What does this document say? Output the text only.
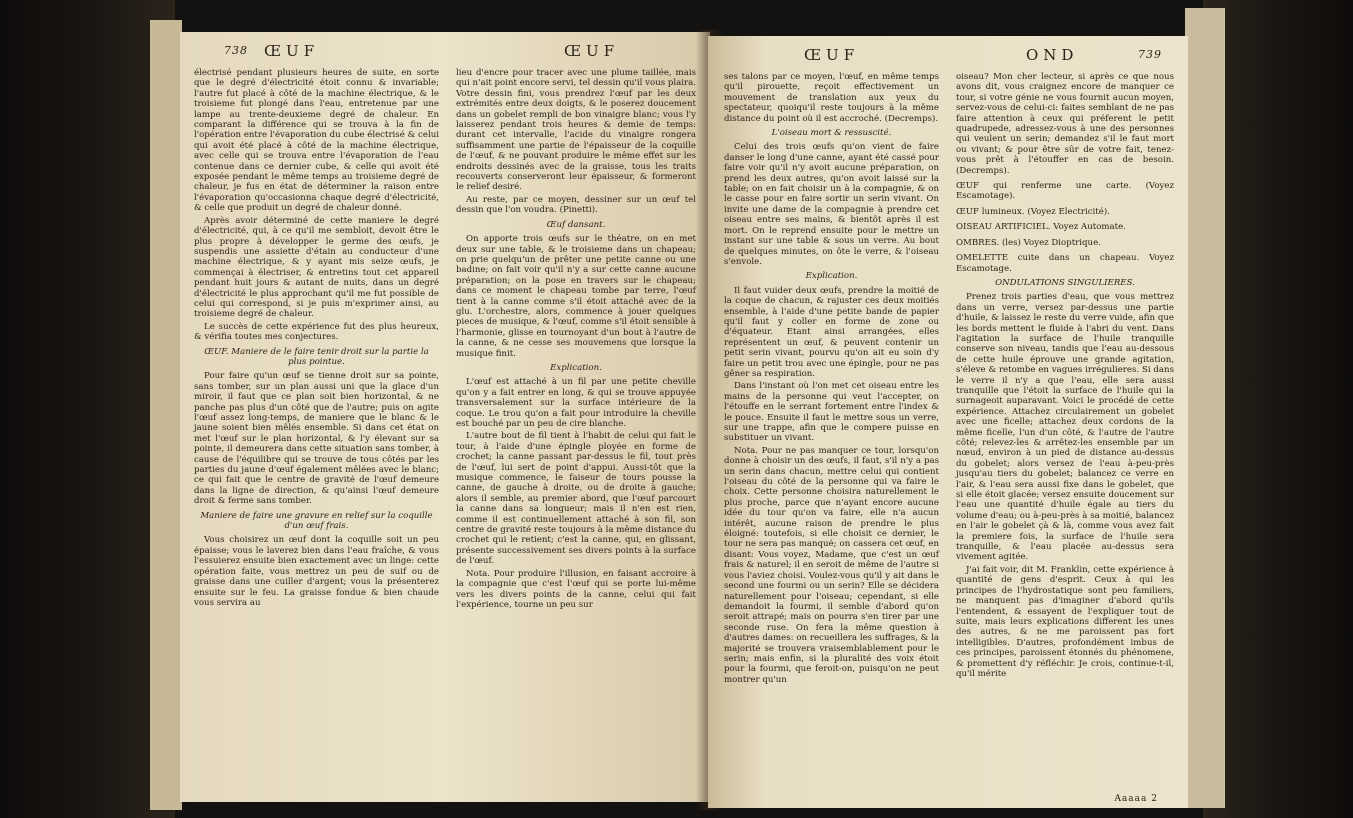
738 ŒUF	ŒUF

électrisé pendant plusieurs heures de suite, en sorte que le degré d'électricité étoit connu & invariable; l'autre fut placé à côté de la machine électrique, & le troisieme fut plongé dans l'eau, entretenue par une lampe au trente-deuxieme degré de chaleur. En comparant la différence qui se trouva à la fin de l'opération entre l'évaporation du cube électrisé & celui qui avoit été placé à côté de la machine électrique, avec celle qui se trouva entre l'évaporation de l'eau contenue dans ce dernier cube, & celle qui avoit été exposée pendant le même temps au troisieme degré de chaleur, je fus en état de déterminer la raison entre l'évaporation qu'occasionna chaque degré d'électricité, & celle que produit un degré de chaleur donné.

Après avoir déterminé de cette maniere le degré d'électricité, qui, à ce qu'il me sembloit, devoit être le plus propre à développer le germe des œufs, je suspendis une assiette d'étain au conducteur d'une machine électrique, & y ayant mis seize œufs, je commençai à électriser, & entretins tout cet appareil pendant huit jours & autant de nuits, dans un degré d'électricité le plus approchant qu'il me fut possible de celui qui correspond, si je puis m'exprimer ainsi, au troisieme degré de chaleur.

Le succès de cette expérience fut des plus heureux, & vérifia toutes mes conjectures.

ŒUF. Maniere de le faire tenir droit sur la partie la plus pointue.

Pour faire qu'un œuf se tienne droit sur sa pointe, sans tomber, sur un plan aussi uni que la glace d'un miroir, il faut que ce plan soit bien horizontal, & ne panche pas plus d'un côté que de l'autre; puis on agite l'œuf assez long-temps, de maniere que le blanc & le jaune soient bien mêlés ensemble. Si dans cet état on met l'œuf sur le plan horizontal, & l'y élevant sur sa pointe, il demeurera dans cette situation sans tomber, à cause de l'équilibre qui se trouve de tous côtés par les parties du jaune d'œuf également mêlées avec le blanc; ce qui fait que le centre de gravité de l'œuf demeure dans la ligne de direction, & qu'ainsi l'œuf demeure droit & ferme sans tomber.

Maniere de faire une gravure en relief sur la coquille d'un œuf frais.

Vous choisirez un œuf dont la coquille soit un peu épaisse; vous le laverez bien dans l'eau fraîche, & vous l'essuierez ensuite bien exactement avec un linge: cette opération faite, vous mettrez un peu de suif ou de graisse dans une cuiller d'argent; vous la présenterez ensuite sur le feu. La graisse fondue & bien chaude vous servira au

lieu d'encre pour tracer avec une plume taillée, mais qui n'ait point encore servi, tel dessin qu'il vous plaira. Votre dessin fini, vous prendrez l'œuf par les deux extrémités entre deux doigts, & le poserez doucement dans un gobelet rempli de bon vinaigre blanc; vous l'y laisserez pendant trois heures & demie de temps: durant cet intervalle, l'acide du vinaigre rongera suffisamment une partie de l'épaisseur de la coquille de l'œuf, & ne pouvant produire le même effet sur les endroits dessinés avec de la graisse, tous les traits recouverts conserveront leur épaisseur, & formeront le relief desiré.

Au reste, par ce moyen, dessiner sur un œuf tel dessin que l'on voudra. (Pinetti).

Œuf dansant.

On apporte trois œufs sur le théatre, on en met deux sur une table, & le troisieme dans un chapeau; on prie quelqu'un de prêter une petite canne ou une badine; on fait voir qu'il n'y a sur cette canne aucune préparation; on la pose en travers sur le chapeau; dans ce moment le chapeau tombe par terre, l'œuf tient à la canne comme s'il étoit attaché avec de la glu. L'orchestre, alors, commence à jouer quelques pieces de musique, & l'œuf, comme s'il étoit sensible à l'harmonie, glisse en tournoyant d'un bout à l'autre de la canne, & ne cesse ses mouvemens que lorsque la musique finit.

Explication.

L'œuf est attaché à un fil par une petite cheville qu'on y a fait entrer en long, & qui se trouve appuyée transversalement sur la surface intérieure de la coque. Le trou qu'on a fait pour introduire la cheville est bouché par un peu de cire blanche.

L'autre bout de fil tient à l'habit de celui qui fait le tour, à l'aide d'une épingle ployée en forme de crochet; la canne passant par-dessus le fil, tout près de l'œuf, lui sert de point d'appui. Aussi-tôt que la musique commence, le faiseur de tours pousse la canne, de gauche à droite, ou de droite à gauche; alors il semble, au premier abord, que l'œuf parcourt la canne dans sa longueur; mais il n'en est rien, comme il est continuellement attaché à son fil, son centre de gravité reste toujours à la même distance du crochet qui le retient; c'est la canne, qui, en glissant, présente successivement ses divers points à la surface de l'œuf.

Nota. Pour produire l'illusion, en faisant accroire à la compagnie que c'est l'œuf qui se porte lui-même vers les divers points de la canne, celui qui fait l'expérience, tourne un peu sur

ŒUF	OND	739

ses talons par ce moyen, l'œuf, en même temps qu'il pirouette, reçoit effectivement un mouvement de translation aux yeux du spectateur, quoiqu'il reste toujours à la même distance du point où il est accroché. (Decremps).

L'oiseau mort & ressuscité.

Celui des trois œufs qu'on vient de faire danser le long d'une canne, ayant été cassé pour faire voir qu'il n'y avoit aucune préparation, on prend les deux autres, qu'on avoit laissé sur la table; on en fait choisir un à la compagnie, & on le casse pour en faire sortir un serin vivant. On invite une dame de la compagnie à prendre cet oiseau entre ses mains, & bientôt après il est mort. On le reprend ensuite pour le mettre un instant sur une table & sous un verre. Au bout de quelques minutes, on ôte le verre, & l'oiseau s'envole.

Explication.

Il faut vuider deux œufs, prendre la moitié de la coque de chacun, & rajuster ces deux moitiés ensemble, à l'aide d'une petite bande de papier qu'il faut y coller en forme de zone ou d'équateur. Etant ainsi arrangées, elles représentent un œuf, & peuvent contenir un petit serin vivant, pourvu qu'on ait eu soin d'y faire un petit trou avec une épingle, pour ne pas gêner sa respiration.

Dans l'instant où l'on met cet oiseau entre les mains de la personne qui veut l'accepter, on l'étouffe en le serrant fortement entre l'index & le pouce. Ensuite il faut le mettre sous un verre, sur une trappe, afin que le compere puisse en substituer un vivant.

Nota. Pour ne pas manquer ce tour, lorsqu'on donne à choisir un des œufs, il faut, s'il n'y a pas un serin dans chacun, mettre celui qui contient l'oiseau du côté de la personne qui va faire le choix. Cette personne choisira naturellement le plus proche, parce que n'ayant encore aucune idée du tour qu'on va faire, elle n'a aucun intérêt, aucune raison de prendre le plus éloigné: toutefois, si elle choisit ce dernier, le tour ne sera pas manqué; on cassera cet œuf, en disant: Vous voyez, Madame, que c'est un œuf frais & naturel; il en seroit de même de l'autre si vous l'aviez choisi. Voulez-vous qu'il y ait dans le second une fourmi ou un serin? Elle se décidera naturellement pour l'oiseau; cependant, si elle demandoit la fourmi, il semble d'abord qu'on seroit attrapé; mais on pourra s'en tirer par une seconde ruse. On fera la même question à d'autres dames: on recueillera les suffrages, & la majorité se trouvera vraisemblablement pour le serin; mais enfin, si la pluralité des voix étoit pour la fourmi, que feroit-on, puisqu'on ne peut montrer qu'un

oiseau? Mon cher lecteur, si après ce que nous avons dit, vous craignez encore de manquer ce tour, si votre génie ne vous fournit aucun moyen, servez-vous de celui-ci: faites semblant de ne pas faire attention à ceux qui préferent le petit quadrupede, adressez-vous à une des personnes qui veulent un serin; demandez s'il le faut mort ou vivant; & pour être sûr de votre fait, tenez-vous prêt à l'étouffer en cas de besoin. (Decremps).

ŒUF qui renferme une carte. (Voyez Escamotage).

ŒUF lumineux. (Voyez Electricité).

OISEAU ARTIFICIEL. Voyez Automate.

OMBRES. (les) Voyez Dioptrique.

OMELETTE cuite dans un chapeau. Voyez Escamotage.

ONDULATIONS SINGULIERES.

Prenez trois parties d'eau, que vous mettrez dans un verre, versez par-dessus une partie d'huile, & laissez le reste du verre vuide, afin que les bords mettent le fluide à l'abri du vent. Dans l'agitation la surface de l'huile tranquille conserve son niveau, tandis que l'eau au-dessous de cette huile éprouve une grande agitation, s'éleve & retombe en vagues irrégulieres. Si dans le verre il n'y a que l'eau, elle sera aussi tranquille que l'étoit la surface de l'huile qui la surnageoit auparavant. Voici le procédé de cette expérience. Attachez circulairement un gobelet avec une ficelle; attachez deux cordons de la même ficelle, l'un d'un côté, & l'autre de l'autre côté; relevez-les & arrêtez-les ensemble par un nœud, environ à un pied de distance au-dessus du gobelet; alors versez de l'eau à-peu-près jusqu'au tiers du gobelet; balancez ce verre en l'air, & l'eau sera aussi fixe dans le gobelet, que si elle étoit glacée; versez ensuite doucement sur l'eau une quantité d'huile égale au tiers du volume d'eau; ou à-peu-près à sa moitié, balancez en l'air le gobelet çà & là, comme vous avez fait la premiere fois, la surface de l'huile sera tranquille, & l'eau placée au-dessus sera vivement agitée.

J'ai fait voir, dit M. Franklin, cette expérience à quantité de gens d'esprit. Ceux à qui les principes de l'hydrostatique sont peu familiers, ne manquent pas d'imaginer d'abord qu'ils l'entendent, & essayent de l'expliquer tout de suite, mais leurs explications different les unes des autres, & ne me paroissent pas fort intelligibles. D'autres, profondément imbus de ces principes, paroissent étonnés du phénomene, & promettent d'y réfléchir. Je crois, continue-t-il, qu'il mérite

Aaaaa 2
